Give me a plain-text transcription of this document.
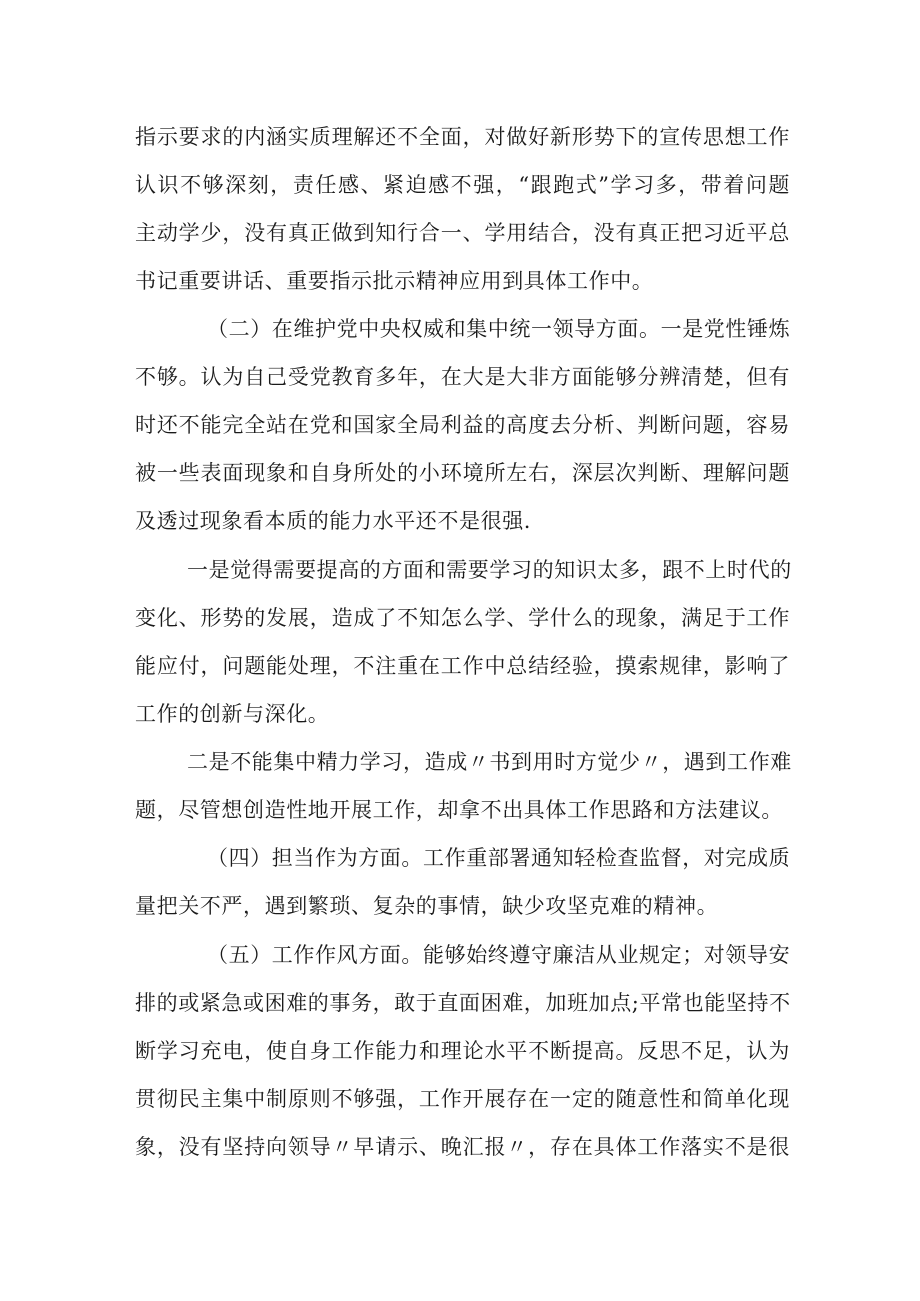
指示要求的内涵实质理解还不全面，对做好新形势下的宣传思想工作
认识不够深刻，责任感、紧迫感不强，“跟跑式”学习多，带着问题
主动学少，没有真正做到知行合一、学用结合，没有真正把习近平总
书记重要讲话、重要指示批示精神应用到具体工作中。
（二）在维护党中央权威和集中统一领导方面。一是党性锤炼
不够。认为自己受党教育多年，在大是大非方面能够分辨清楚，但有
时还不能完全站在党和国家全局利益的高度去分析、判断问题，容易
被一些表面现象和自身所处的小环境所左右，深层次判断、理解问题
及透过现象看本质的能力水平还不是很强.
一是觉得需要提高的方面和需要学习的知识太多，跟不上时代的
变化、形势的发展，造成了不知怎么学、学什么的现象，满足于工作
能应付，问题能处理，不注重在工作中总结经验，摸索规律，影响了
工作的创新与深化。
二是不能集中精力学习，造成〃书到用时方觉少〃，遇到工作难
题，尽管想创造性地开展工作，却拿不出具体工作思路和方法建议。
（四）担当作为方面。工作重部署通知轻检查监督，对完成质
量把关不严，遇到繁琐、复杂的事情，缺少攻坚克难的精神。
（五）工作作风方面。能够始终遵守廉洁从业规定；对领导安
排的或紧急或困难的事务，敢于直面困难，加班加点;平常也能坚持不
断学习充电，使自身工作能力和理论水平不断提高。反思不足，认为
贯彻民主集中制原则不够强，工作开展存在一定的随意性和简单化现
象，没有坚持向领导〃早请示、晚汇报〃，存在具体工作落实不是很
